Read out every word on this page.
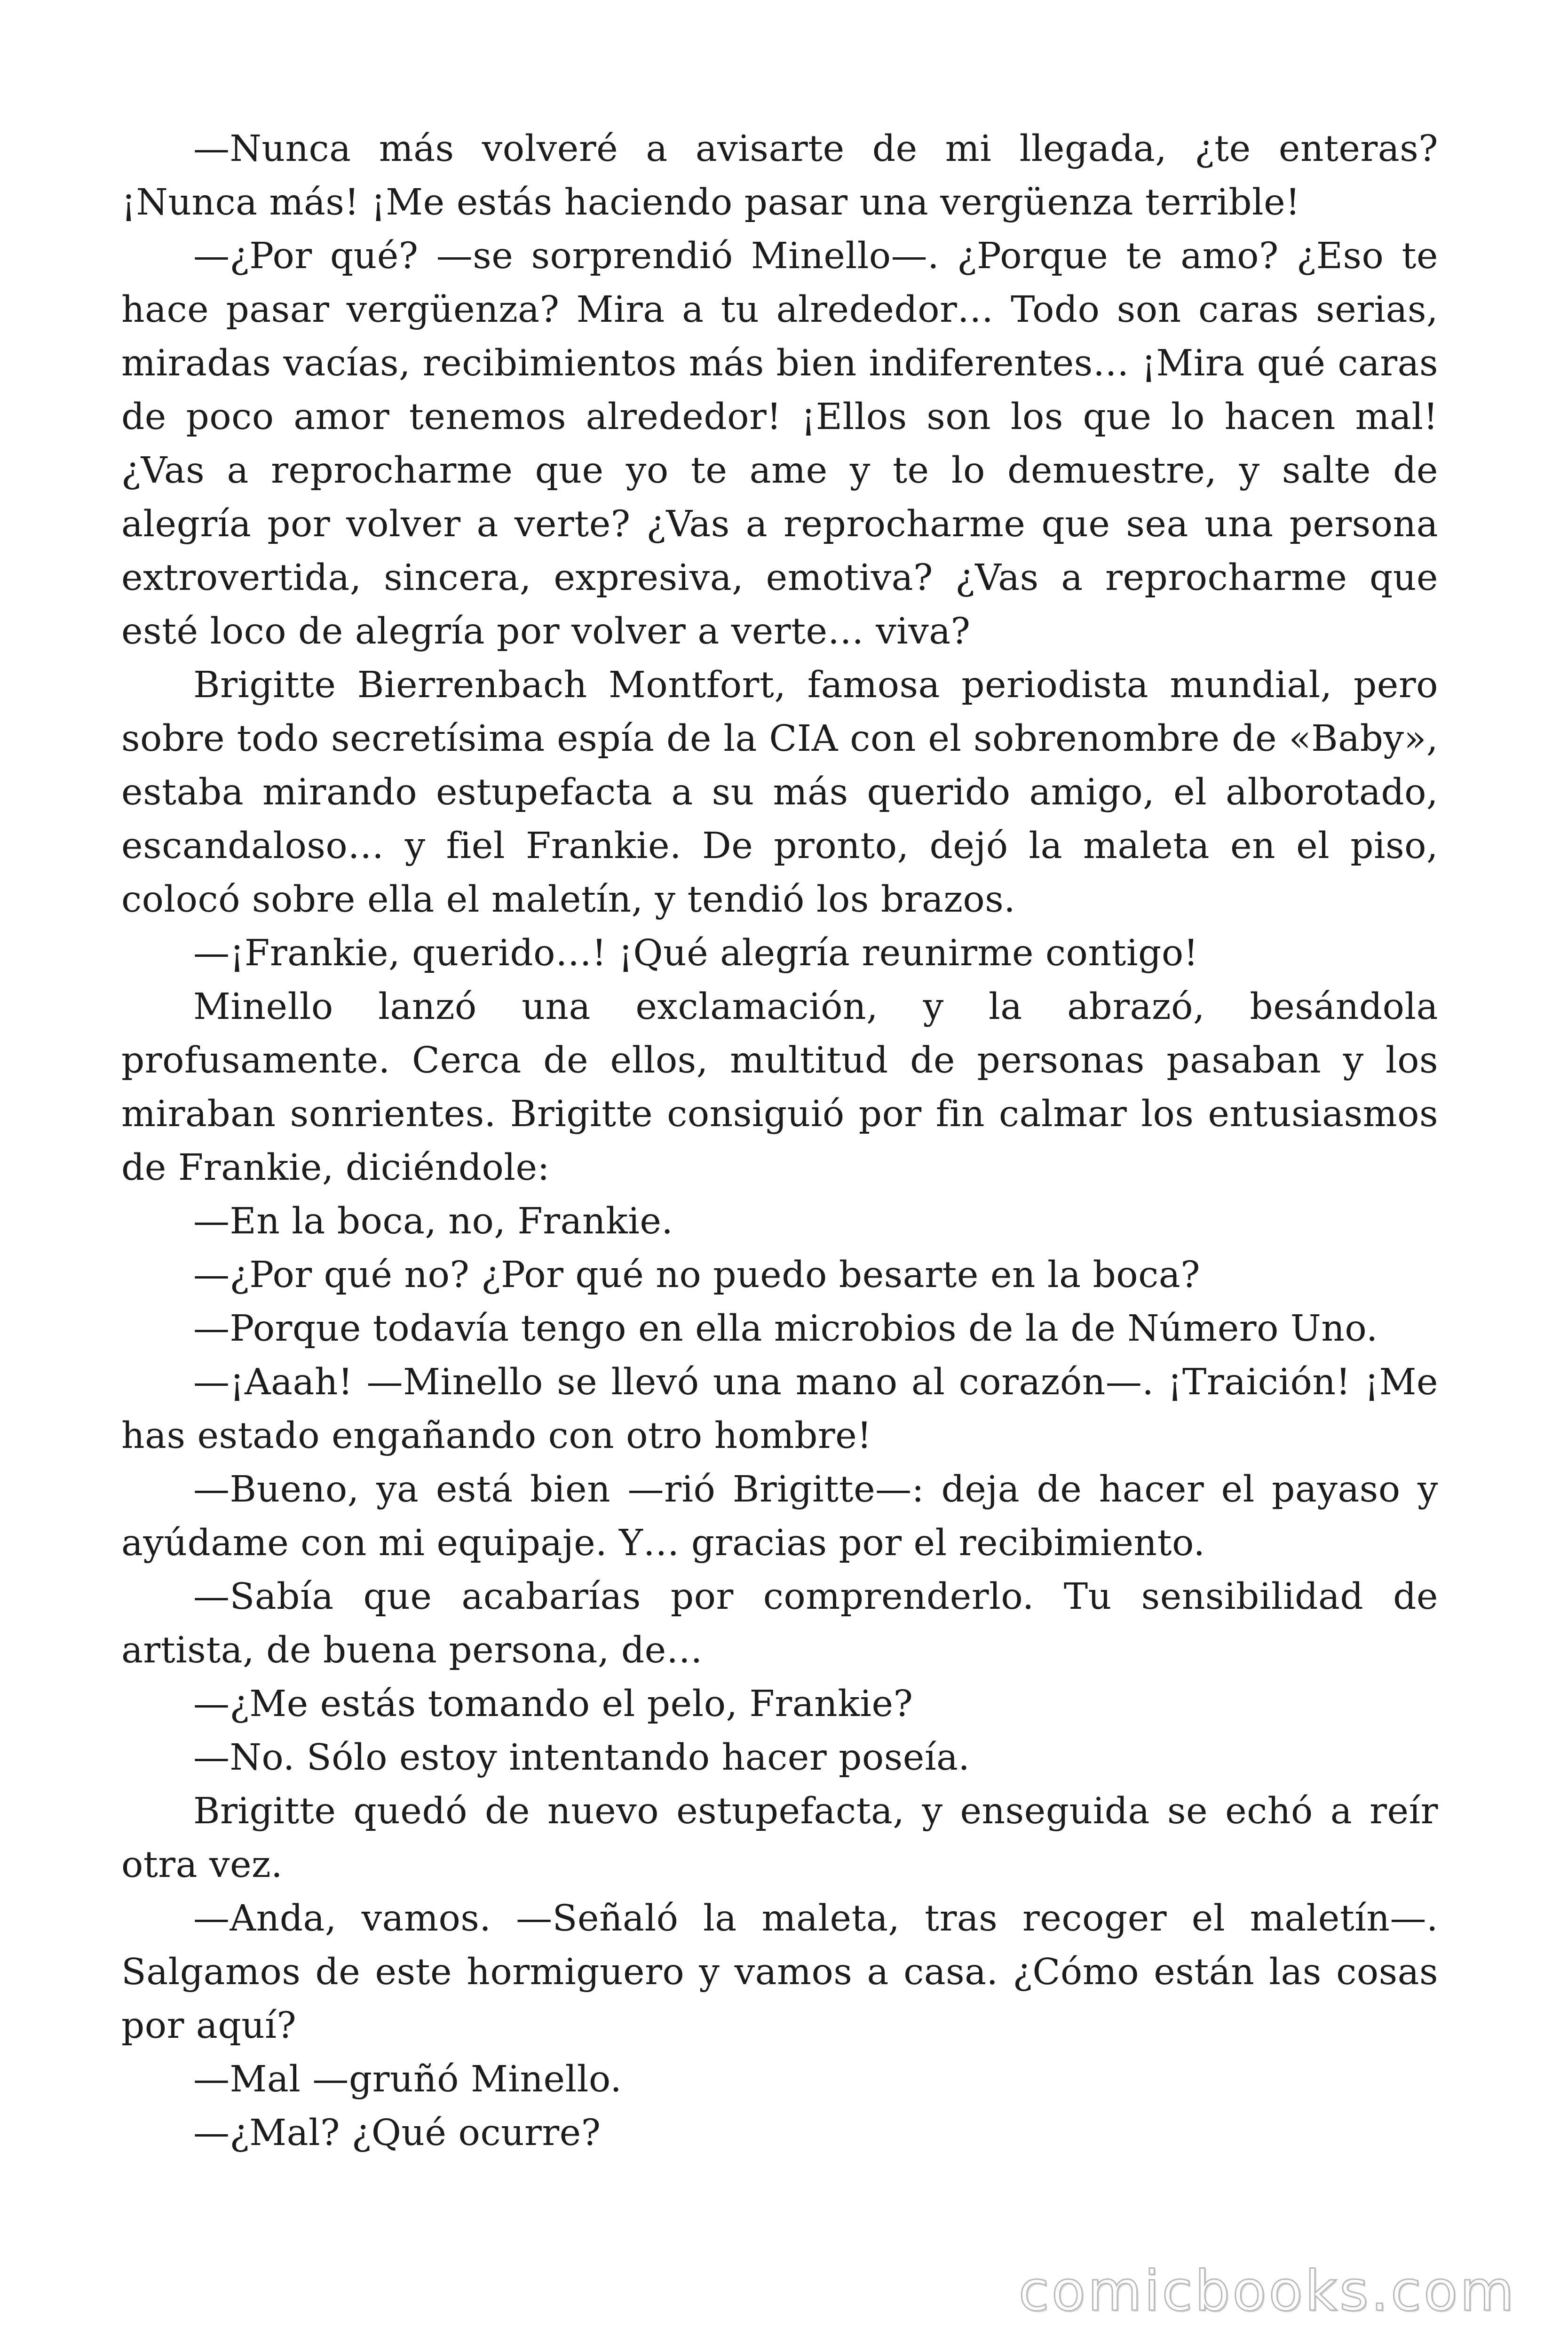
—Nunca más volveré a avisarte de mi llegada, ¿te enteras? ¡Nunca más! ¡Me estás haciendo pasar una vergüenza terrible!

—¿Por qué? —se sorprendió Minello—. ¿Porque te amo? ¿Eso te hace pasar vergüenza? Mira a tu alrededor… Todo son caras serias, miradas vacías, recibimientos más bien indiferentes… ¡Mira qué caras de poco amor tenemos alrededor! ¡Ellos son los que lo hacen mal! ¿Vas a reprocharme que yo te ame y te lo demuestre, y salte de alegría por volver a verte? ¿Vas a reprocharme que sea una persona extrovertida, sincera, expresiva, emotiva? ¿Vas a reprocharme que esté loco de alegría por volver a verte… viva?

Brigitte Bierrenbach Montfort, famosa periodista mundial, pero sobre todo secretísima espía de la CIA con el sobrenombre de «Baby», estaba mirando estupefacta a su más querido amigo, el alborotado, escandaloso… y fiel Frankie. De pronto, dejó la maleta en el piso, colocó sobre ella el maletín, y tendió los brazos.

—¡Frankie, querido…! ¡Qué alegría reunirme contigo!

Minello lanzó una exclamación, y la abrazó, besándola profusamente. Cerca de ellos, multitud de personas pasaban y los miraban sonrientes. Brigitte consiguió por fin calmar los entusiasmos de Frankie, diciéndole:

—En la boca, no, Frankie.

—¿Por qué no? ¿Por qué no puedo besarte en la boca?

—Porque todavía tengo en ella microbios de la de Número Uno.

—¡Aaah! —Minello se llevó una mano al corazón—. ¡Traición! ¡Me has estado engañando con otro hombre!

—Bueno, ya está bien —rió Brigitte—: deja de hacer el payaso y ayúdame con mi equipaje. Y… gracias por el recibimiento.

—Sabía que acabarías por comprenderlo. Tu sensibilidad de artista, de buena persona, de…

—¿Me estás tomando el pelo, Frankie?

—No. Sólo estoy intentando hacer poseía.

Brigitte quedó de nuevo estupefacta, y enseguida se echó a reír otra vez.

—Anda, vamos. —Señaló la maleta, tras recoger el maletín—. Salgamos de este hormiguero y vamos a casa. ¿Cómo están las cosas por aquí?

—Mal —gruñó Minello.

—¿Mal? ¿Qué ocurre?

comicbooks.com
